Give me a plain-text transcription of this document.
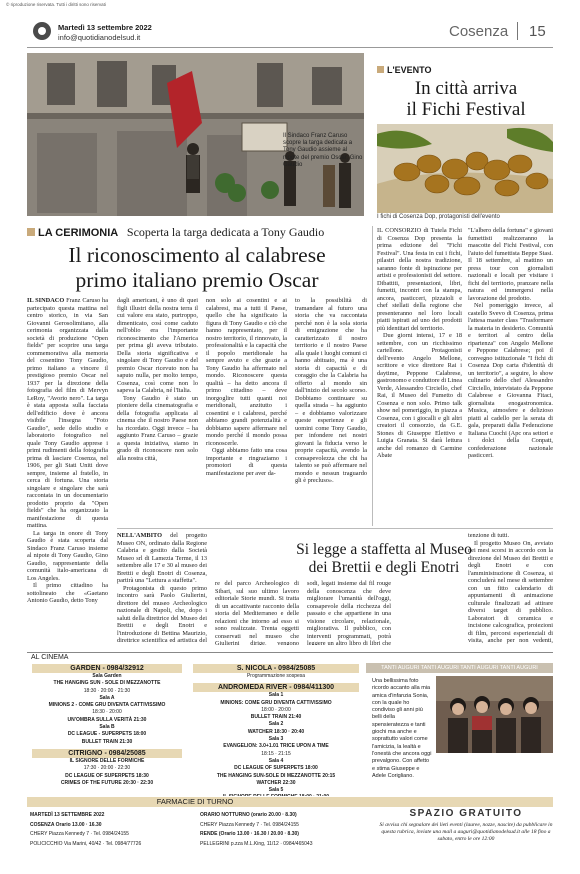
© riproduzione riservata. Tutti i diritti sono riservati
Martedì 13 settembre 2022
info@quotidianodelsud.it	Cosenza 15
Il Sindaco Franz Caruso scopre la targa dedicata a Tony Gaudio assieme al nipote del premio Oscar, Gino Gaudio
L'EVENTO
In città arriva
il Fichi Festival
I fichi di Cosenza Dop, protagonisti dell'evento
LA CERIMONIA Scoperta la targa dedicata a Tony Gaudio
Il riconoscimento al calabrese
primo italiano premio Oscar

IL SINDACO Franz Caruso ha partecipato questa mattina nel centro storico, in via San Giovanni Gerosolimitano, alla cerimonia organizzata dalla società di produzione "Open fields" per scoprire una targa commemorativa alla memoria del cosentino Tony Gaudio, primo italiano a vincere il prestigioso premio Oscar nel 1937 per la direzione della fotografia del film di Mervyn LeRoy, "Avorio nero". La targa è stata apposta sulla facciata dell'edificio dove è ancora visibile l'insegna "Foto Gaudio", sede dello studio e laboratorio fotografico nel quale Tony Gaudio apprese i primi rudimenti della fotografia prima di lasciare Cosenza, nel 1906, per gli Stati Uniti dove sempre, insieme al fratello, in cerca di fortuna. Una storia singolare e singolare che sarà raccontata in un documentario prodotto proprio da "Open fields" che ha organizzato la manifestazione di questa mattina.

La targa in onore di Tony Gaudio è stata scoperta dal Sindaco Franz Caruso insieme al nipote di Tony Gaudio, Gino Gaudio, rappresentante della comunità italo-americana di Los Angeles.

Il primo cittadino ha sottolineato che «Gaetano Antonio Gaudio, detto Tony

dagli americani, è uno di quei figli illustri della nostra terra il cui valore era stato, purtroppo, dimenticato, così come caduto nell'oblio era l'importante riconoscimento che l'America per prima gli aveva tributato. Della storia significativa e singolare di Tony Gaudio e del premio Oscar ricevuto non ha saputo nulla, per molto tempo, Cosenza, così come non lo sapeva la Calabria, né l'Italia.

Tony Gaudio è stato un pioniere della cinematografia e della fotografia applicata al cinema che il nostro Paese non ha ricordato. Oggi invece – ha aggiunto Franz Caruso – grazie a questa iniziativa, siamo in grado di riconoscere non solo alla nostra città,

non solo ai cosentini e ai calabresi, ma a tutti il Paese, quello che ha significato la figura di Tony Gaudio e ciò che hanno rappresentato, per il nostro territorio, il rinnovato, la professionalità e la capacità che il popolo meridionale ha sempre avuto e che grazie a Tony Gaudio ha affermato nel mondo. Riconoscere questa qualità – ha detto ancora il primo cittadino – deve inorgoglire tutti quanti noi meridionali, anzitutto i cosentini e i calabresi, perché abbiamo grandi potenzialità e dobbiamo sapere affermare nel mondo perché il mondo possa riconoscerle.

Oggi abbiamo fatto una cosa importante e ringraziamo i promotori di questa manifestazione per aver da-

to la possibilità di tramandare al futuro una storia che va raccontata perché non è la sola storia di emigrazione che ha caratterizzato il nostro territorio e il nostro Paese alla quale i luoghi comuni ci hanno abituato, ma è una storia di capacità e di coraggio che la Calabria ha offerto al mondo sin dall'inizio del secolo scorso. Dobbiamo continuare su quella strada – ha aggiunto – e dobbiamo valorizzare queste esperienze e gli uomini come Tony Gaudio, per infondere nei nostri giovani la fiducia verso le proprie capacità, avendo la consapevolezza che chi ha talento se può affermare nel mondo e nessun traguardo gli è precluso».

IL CONSORZIO di Tutela Fichi di Cosenza Dop presenta la prima edizione del "Fichi Festival". Una festa in cui i fichi, pilastri della nostra tradizione, saranno fonte di ispirazione per artisti e professionisti del settore. Dibattiti, presentazioni, libri, fumetti, incontri con la stampa, ancora, pasticceri, pizzaioli e chef stellati della regione che presenteranno nel loro locali piatti ispirati ad uno dei prodotti più identitari del territorio.

Due giorni intensi, 17 e 18 settembre, con un ricchissimo cartellone. Protagonisti dell'evento Angelo Mellone, scrittore e vice direttore Rai i daytime, Peppone Calabrese, gastronomo e conduttore di Linea Verde, Alessandro Circiello, chef Rai, il Museo del Fumetto di Cosenza e non solo. Primo talk show nel pomeriggio, in piazza a Cosenza, con i giocalli e gli altri creatori il consorzio, da G.E. Stones di Giuseppe Elettivo e Luigia Granata. Si darà lettura anche del romanzo di Carmine Abate

"L'albero della fortuna" e giovani fumettisti realizzeranno la mascotte del Fichi Festival, con l'aiuto del fumettista Beppe Stasi. Il 18 settembre, al mattino un press tour con giornalisti nazionali e locali per visitare i fichi del territorio, pranzare nella natura ed immergersi nella lavorazione del prodotto.

Nel pomeriggio invece, al castello Svevo di Cosenza, prima l'attesa master class "Trasformare la materia in desiderio. Comunità e territori al centro della ripartenza" con Angelo Mellone e Peppone Calabrese; poi il convegno istituzionale "I fichi di Cosenza Dop carta d'identità di un territorio", a seguire, lo show culinario dello chef Alessandro Circiello, intervistato da Peppone Calabrese e Giovanna Fitaci, giornalista enogastronomica. Musica, atmosfere e delizioso piatti al cadello per la serata di gala, preparati dalla Federazione Italiana Cuochi (Apc ora settori e i dolci della Conpatt, confederazione nazionale pasticceri.

Si legge a staffetta al Museo
dei Brettii e degli Enotri

NELL'AMBITO del progetto Museo ON, ordinato dalla Regione Calabria e gestito dalla Società Museo srl di Lamezia Terme, il 13 settembre alle 17 e 30 al museo dei Brettii e degli Enotri di Cosenza, partirà una "Lettura a staffetta".

Protagonista di questo primo incontro sarà Paolo Giulierini, direttore del museo Archeologico nazionale di Napoli, che, dopo i saluti della direttrice del Museo dei Brettii e degli Enotri e l'introduzione di Bettina Maurizio, direttrice scientifica ed artistica del

re del parco Archeologico di Sibari, sul suo ultimo lavoro editoriale Storie mundi. Si tratta di un accattivante racconto della storia del Mediterraneo e delle relazioni che intorno ad esso si sono realizzate. Trenta oggetti conservati nel museo che Giulierini dirige, vengono

sodi, legati insieme dal fil rouge della conoscenza che deve migliorare l'umanità dell'oggi, consapevole della ricchezza del passato e che appartiene in una visione circolare, relazionale, migliorativa. Il pubblico, con interventi programmati, potrà leggere un altro libro di libri che

tenzione di tutti.

Il progetto Museo On, avviato nei mesi scorsi in accordo con la direzione del Museo dei Brettii e degli Enotri e con l'amministrazione di Cosenza, si concluderà nel mese di settembre con un fitto calendario di appuntamenti di animazione culturale finalizzati ad attirare diversi target di pubblico. Laboratori di ceramica e incisione calcografica, proiezioni di film, percorsi esperienziali di visita, anche per non vedenti,

AL CINEMA
GARDEN - 0984/32912
Sala Garden
THE HANGING SUN - SOLE DI MEZZANOTTE
18:30 · 20:00 · 21:30
Sala A
MINIONS 2 - COME GRU DIVENTA CATTIVISSIMO
18:30 · 20:00
UN'OMBRA SULLA VERITÀ 21:30
Sala B
DC LEAGUE - SUPERPETS 18:00
BULLET TRAIN 21:30
CITRIGNO - 0984/25085
IL SIGNORE DELLE FORMICHE
17:30 · 20:00 · 22:30
DC LEAGUE OF SUPERPETS 18:30
CRIMES OF THE FUTURE 20:30 · 22:30
S. NICOLA - 0984/25085
Programmazione sospesa
ANDROMEDA RIVER - 0984/411300
Sala 1
MINIONS: COME GRU DIVENTA CATTIVISSIMO
18:00 · 20:00
BULLET TRAIN 21:40
Sala 2
WATCHER 18:30 · 20:40
Sala 3
EVANGELION: 3.0+1.01 TRICE UPON A TIME
18:15 · 21:15
Sala 4
DC LEAGUE OF SUPERPETS 18:00
THE HANGING SUN-SOLE DI MEZZANOTTE 20:15
WATCHER 22:30
Sala 5
TANTI AUGURI TANTI AUGURI TANTI AUGURI TANTI AUGURI
Una bellissima foto ricordo accanto alla mia amica d'infanzia Sonia, con la quale ho condiviso gli anni più belli della spensieratezza e tanti giochi ma anche e soprattutto valori come l'amicizia, la lealtà e l'onestà che ancora oggi prevalgono. Con affetto e stima Giuseppe e Adele Corigliano.
FARMACIE DI TURNO
MARTEDÌ 13 SETTEMBRE 2022
COSENZA Orario 13.00 · 16.30
CHERY Piazza Kennedy 7 · Tel. 0984/24155
POLICICCHIO Via Marini, 40/42 · Tel. 0984/77726
ORARIO NOTTURNO (orario 20.00 · 8.30)
CHERY Piazza Kennedy 7 · Tel. 0984/24155
RENDE (Orario 13.00 · 16.30 / 20.00 · 8.30)
PELLEGRINI p.zza M.L.King, 11/12 · 0984/465043
SPAZIO GRATUITO
Si avvisa chi segnalare dei lieti eventi (lauree, nozze, nascite) da pubblicare in questa rubrica, inviate una mail a auguri@quotidianodelsud.it alle 18 fino a sabato, entro le ore 12:00
